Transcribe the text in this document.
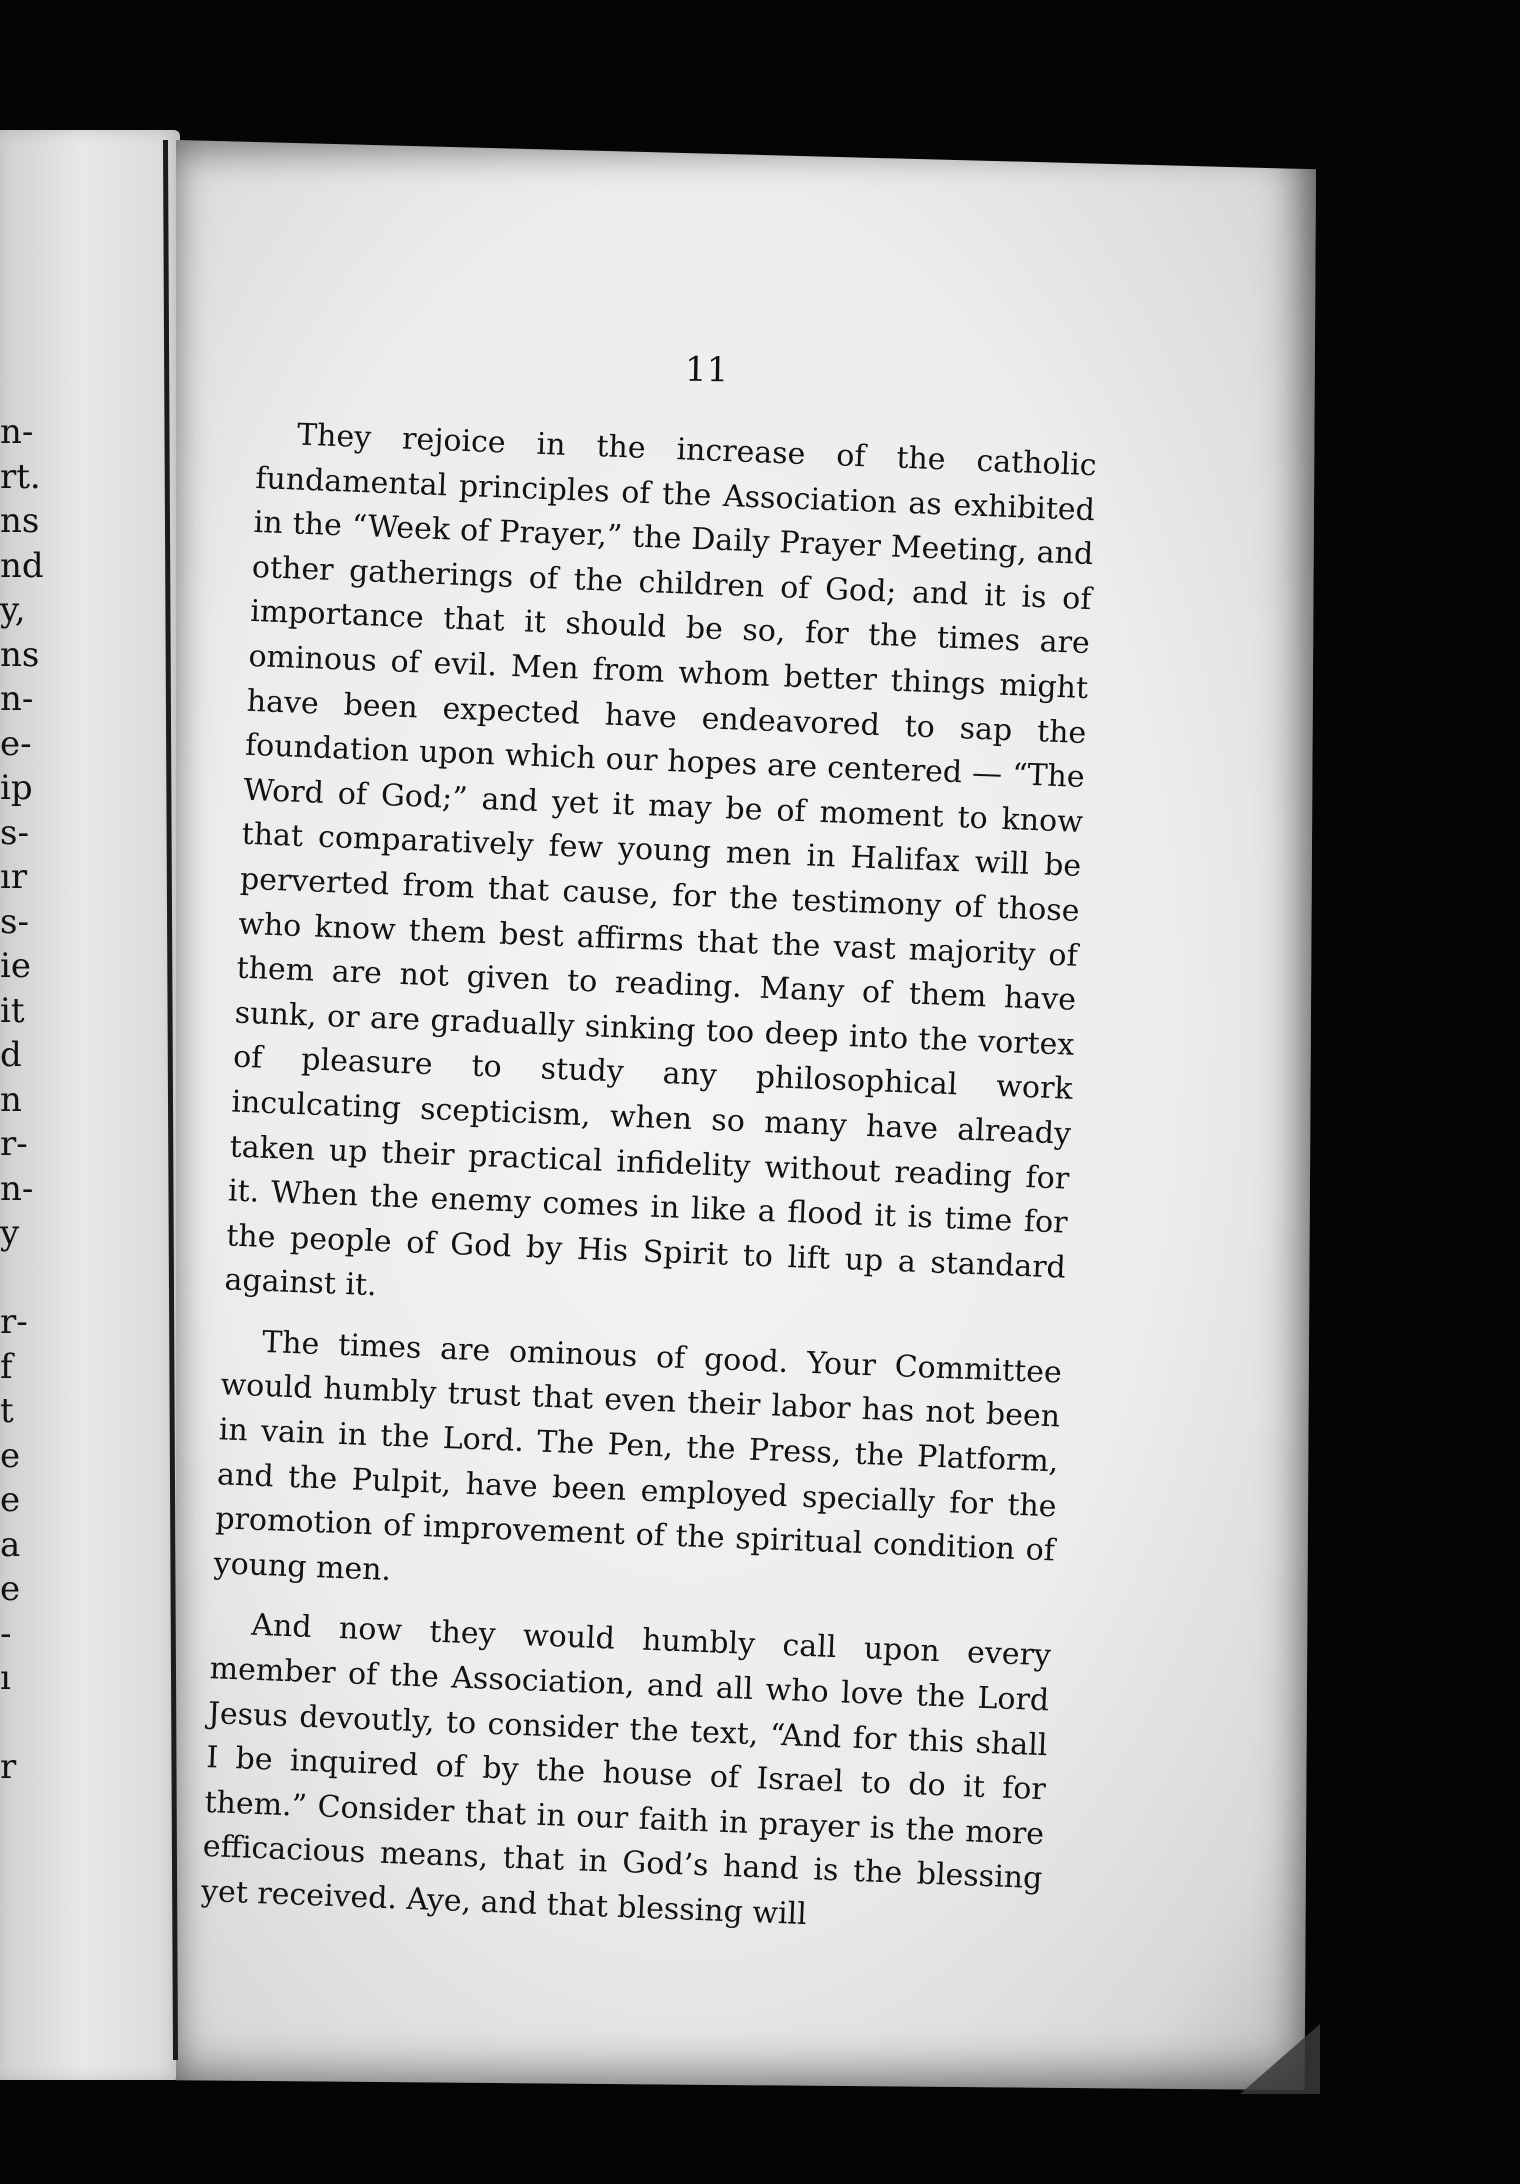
n-
rt.
ns
nd
y,
ns
n-
e-
ip
s-
ır
s-
ie
it
d
n
r-
n-
y
r-
f
t
e
e
a
e
-
ı
r
11

They rejoice in the increase of the catholic fundamental principles of the Association as exhibited in the “Week of Prayer,” the Daily Prayer Meeting, and other gatherings of the children of God; and it is of importance that it should be so, for the times are ominous of evil. Men from whom better things might have been expected have endeavored to sap the foundation upon which our hopes are centered — “The Word of God;” and yet it may be of moment to know that comparatively few young men in Halifax will be perverted from that cause, for the testimony of those who know them best affirms that the vast majority of them are not given to reading. Many of them have sunk, or are gradually sinking too deep into the vortex of pleasure to study any philosophical work inculcating scepticism, when so many have already taken up their practical infidelity without reading for it. When the enemy comes in like a flood it is time for the people of God by His Spirit to lift up a standard against it.

The times are ominous of good. Your Committee would humbly trust that even their labor has not been in vain in the Lord. The Pen, the Press, the Platform, and the Pulpit, have been employed specially for the promotion of improvement of the spiritual condition of young men.

And now they would humbly call upon every member of the Association, and all who love the Lord Jesus devoutly, to consider the text, “And for this shall I be inquired of by the house of Israel to do it for them.” Consider that in our faith in prayer is the more efficacious means, that in God’s hand is the blessing yet received. Aye, and that blessing will
